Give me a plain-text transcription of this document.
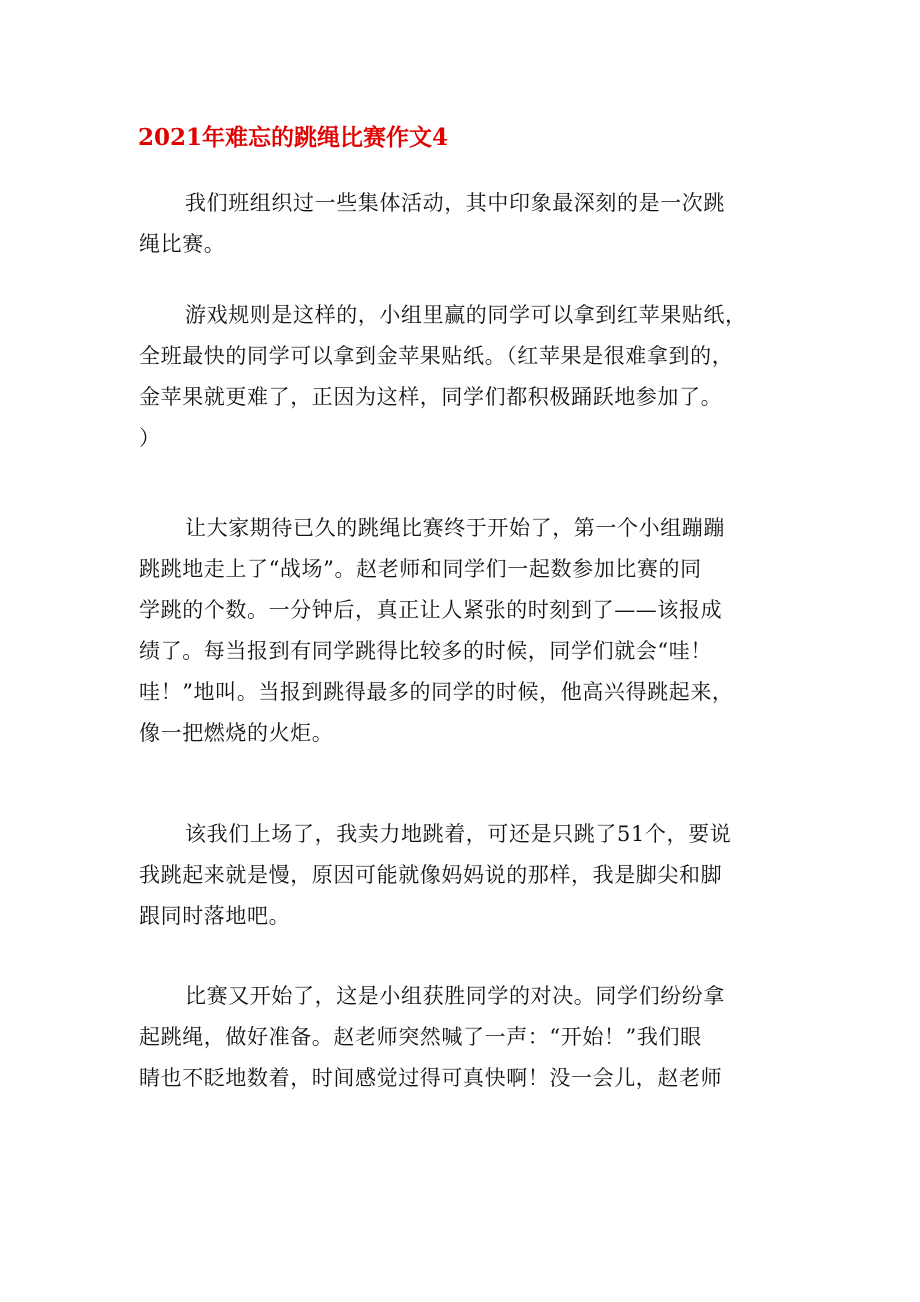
2021年难忘的跳绳比赛作文4
我们班组织过一些集体活动，其中印象最深刻的是一次跳
绳比赛。
游戏规则是这样的，小组里赢的同学可以拿到红苹果贴纸，
全班最快的同学可以拿到金苹果贴纸。（红苹果是很难拿到的，
金苹果就更难了，正因为这样，同学们都积极踊跃地参加了。
）
让大家期待已久的跳绳比赛终于开始了，第一个小组蹦蹦
跳跳地走上了“战场”。赵老师和同学们一起数参加比赛的同
学跳的个数。一分钟后，真正让人紧张的时刻到了——该报成
绩了。每当报到有同学跳得比较多的时候，同学们就会“哇！
哇！”地叫。当报到跳得最多的同学的时候，他高兴得跳起来，
像一把燃烧的火炬。
该我们上场了，我卖力地跳着，可还是只跳了51个，要说
我跳起来就是慢，原因可能就像妈妈说的那样，我是脚尖和脚
跟同时落地吧。
比赛又开始了，这是小组获胜同学的对决。同学们纷纷拿
起跳绳，做好准备。赵老师突然喊了一声：“开始！”我们眼
睛也不眨地数着，时间感觉过得可真快啊！没一会儿，赵老师
